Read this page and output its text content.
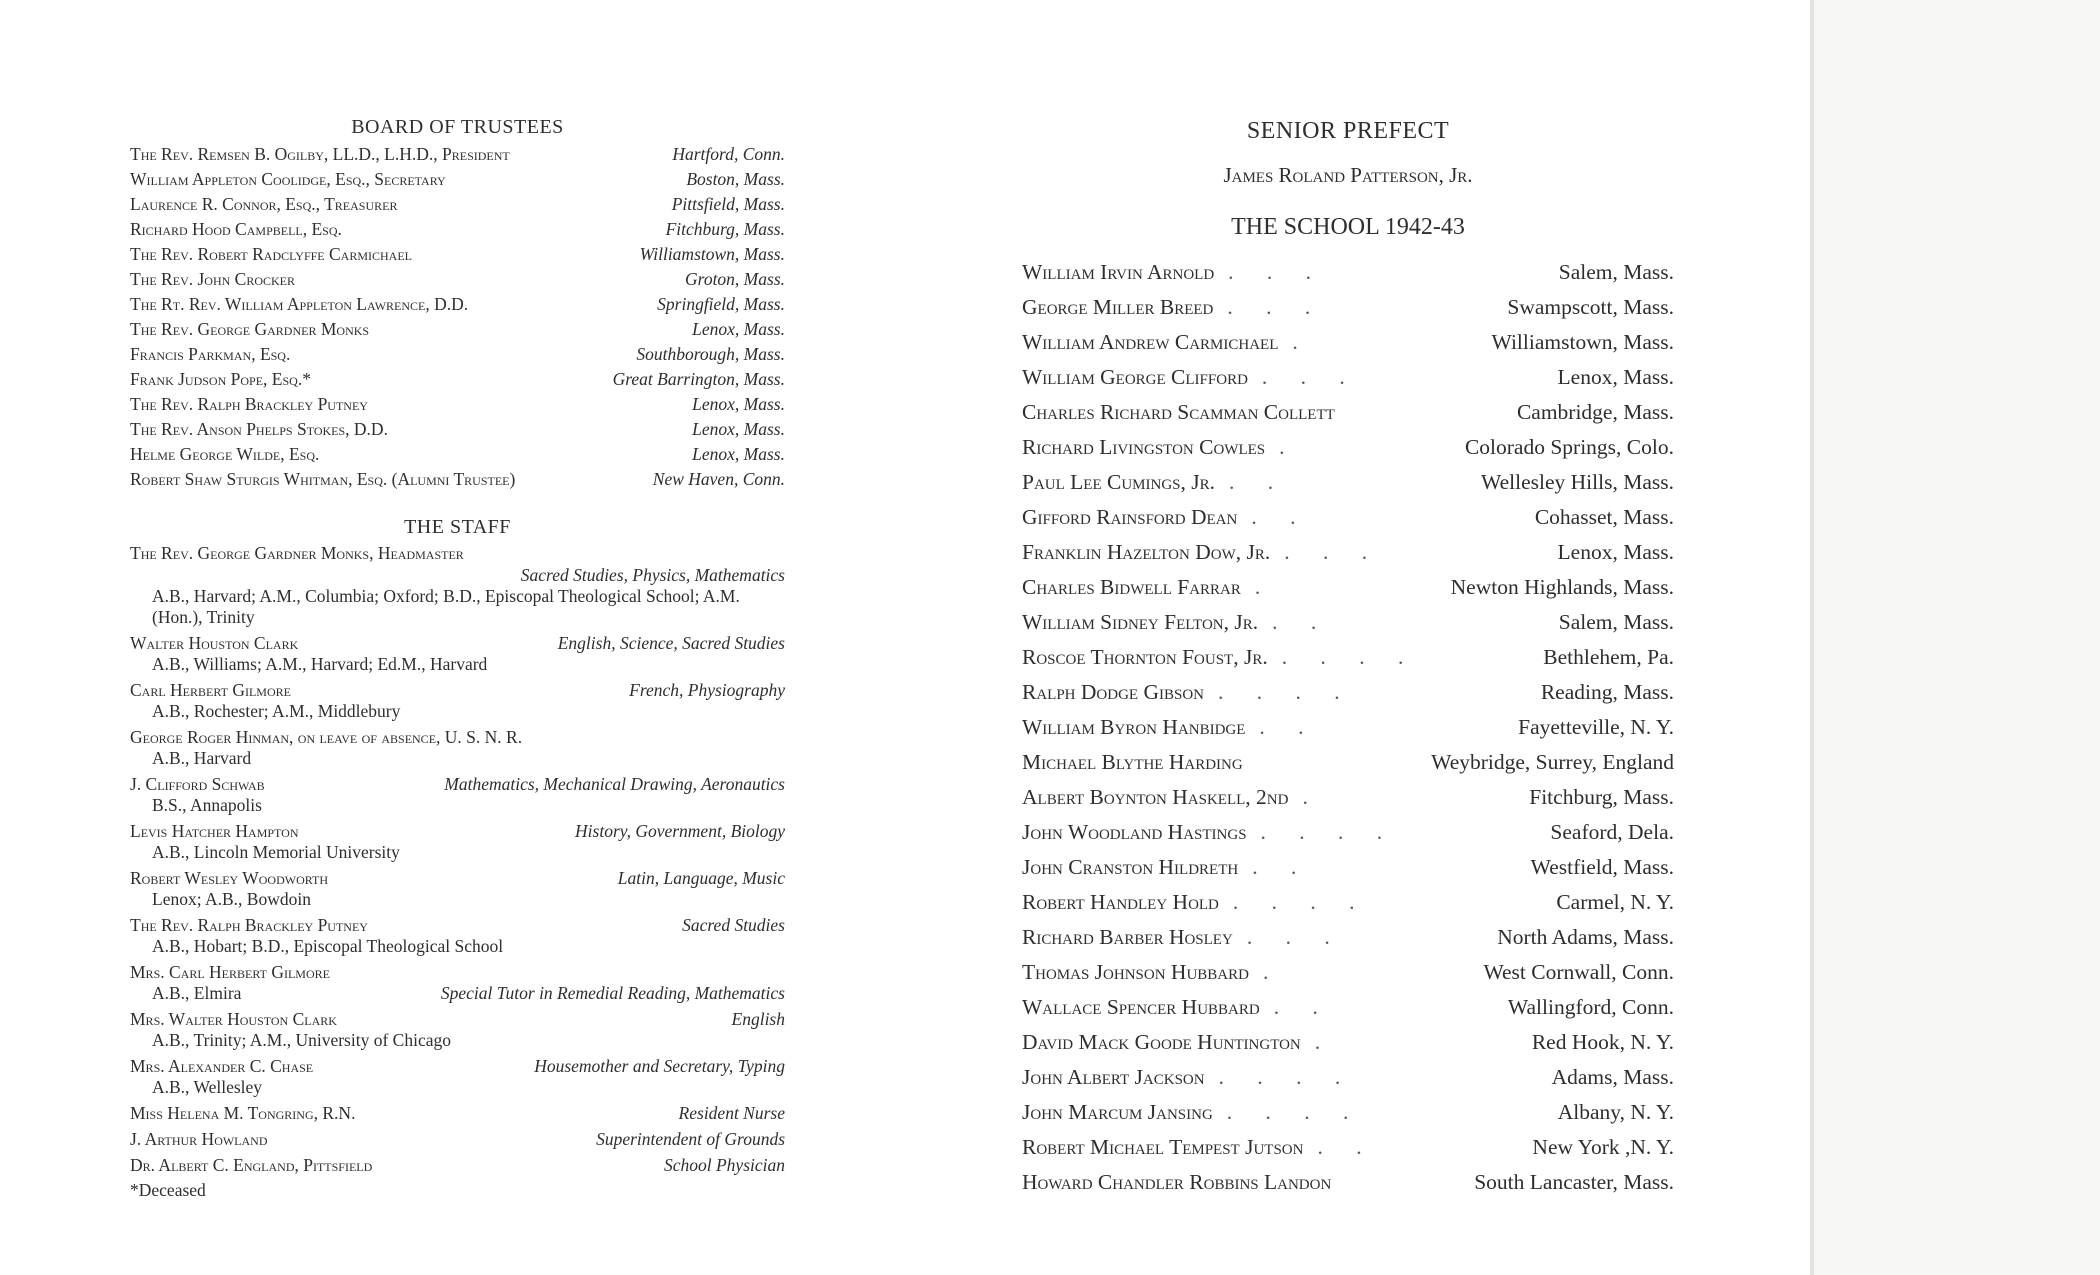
BOARD OF TRUSTEES
The Rev. Remsen B. Ogilby, LL.D., L.H.D., President	Hartford, Conn.
William Appleton Coolidge, Esq., Secretary	Boston, Mass.
Laurence R. Connor, Esq., Treasurer	Pittsfield, Mass.
Richard Hood Campbell, Esq.	Fitchburg, Mass.
The Rev. Robert Radclyffe Carmichael	Williamstown, Mass.
The Rev. John Crocker	Groton, Mass.
The Rt. Rev. William Appleton Lawrence, D.D.	Springfield, Mass.
The Rev. George Gardner Monks	Lenox, Mass.
Francis Parkman, Esq.	Southborough, Mass.
Frank Judson Pope, Esq.*	Great Barrington, Mass.
The Rev. Ralph Brackley Putney	Lenox, Mass.
The Rev. Anson Phelps Stokes, D.D.	Lenox, Mass.
Helme George Wilde, Esq.	Lenox, Mass.
Robert Shaw Sturgis Whitman, Esq. (Alumni Trustee)	New Haven, Conn.
THE STAFF
The Rev. George Gardner Monks, Headmaster
Sacred Studies, Physics, Mathematics
A.B., Harvard; A.M., Columbia; Oxford; B.D., Episcopal Theological School; A.M. (Hon.), Trinity
Walter Houston Clark	English, Science, Sacred Studies
A.B., Williams; A.M., Harvard; Ed.M., Harvard
Carl Herbert Gilmore	French, Physiography
A.B., Rochester; A.M., Middlebury
George Roger Hinman, on leave of absence, U. S. N. R.
A.B., Harvard
J. Clifford Schwab	Mathematics, Mechanical Drawing, Aeronautics
B.S., Annapolis
Levis Hatcher Hampton	History, Government, Biology
A.B., Lincoln Memorial University
Robert Wesley Woodworth	Latin, Language, Music
Lenox; A.B., Bowdoin
The Rev. Ralph Brackley Putney	Sacred Studies
A.B., Hobart; B.D., Episcopal Theological School
Mrs. Carl Herbert Gilmore
A.B., Elmira	Special Tutor in Remedial Reading, Mathematics
Mrs. Walter Houston Clark	English
A.B., Trinity; A.M., University of Chicago
Mrs. Alexander C. Chase	Housemother and Secretary, Typing
A.B., Wellesley
Miss Helena M. Tongring, R.N.	Resident Nurse
J. Arthur Howland	Superintendent of Grounds
Dr. Albert C. England, Pittsfield	School Physician
*Deceased
SENIOR PREFECT
James Roland Patterson, Jr.
THE SCHOOL 1942-43
William Irvin Arnold . . .	Salem, Mass.
George Miller Breed . . .	Swampscott, Mass.
William Andrew Carmichael .	Williamstown, Mass.
William George Clifford . . .	Lenox, Mass.
Charles Richard Scamman Collett	Cambridge, Mass.
Richard Livingston Cowles .	Colorado Springs, Colo.
Paul Lee Cumings, Jr. . .	Wellesley Hills, Mass.
Gifford Rainsford Dean . .	Cohasset, Mass.
Franklin Hazelton Dow, Jr. . . .	Lenox, Mass.
Charles Bidwell Farrar .	Newton Highlands, Mass.
William Sidney Felton, Jr. . .	Salem, Mass.
Roscoe Thornton Foust, Jr. . . . .	Bethlehem, Pa.
Ralph Dodge Gibson . . . .	Reading, Mass.
William Byron Hanbidge . .	Fayetteville, N. Y.
Michael Blythe Harding	Weybridge, Surrey, England
Albert Boynton Haskell, 2nd .	Fitchburg, Mass.
John Woodland Hastings . . . .	Seaford, Dela.
John Cranston Hildreth . .	Westfield, Mass.
Robert Handley Hold . . . .	Carmel, N. Y.
Richard Barber Hosley . . .	North Adams, Mass.
Thomas Johnson Hubbard .	West Cornwall, Conn.
Wallace Spencer Hubbard . .	Wallingford, Conn.
David Mack Goode Huntington .	Red Hook, N. Y.
John Albert Jackson . . . .	Adams, Mass.
John Marcum Jansing . . . .	Albany, N. Y.
Robert Michael Tempest Jutson . .	New York ,N. Y.
Howard Chandler Robbins Landon	South Lancaster, Mass.
